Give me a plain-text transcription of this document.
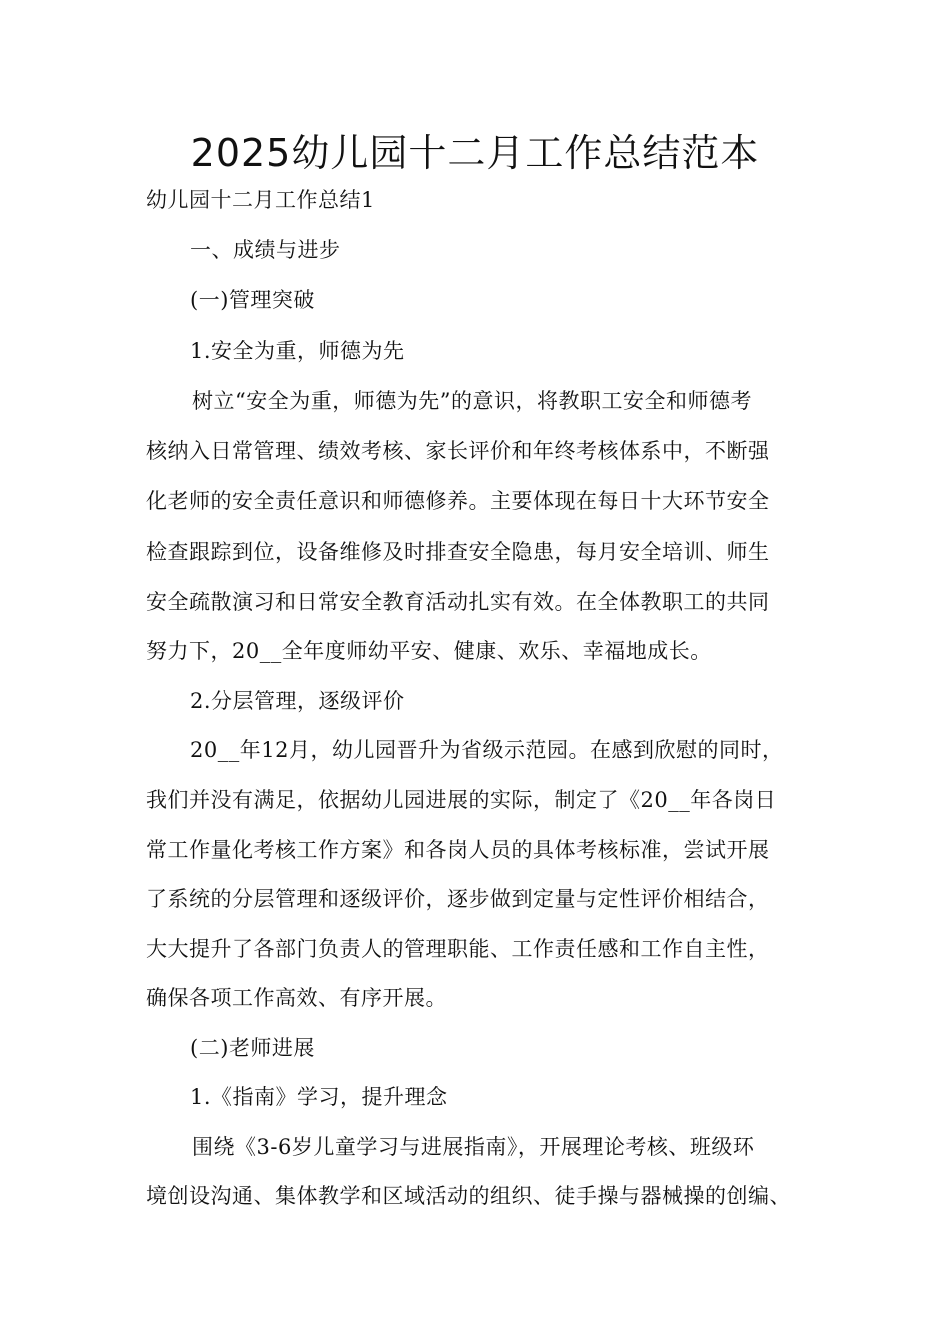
2025幼儿园十二月工作总结范本
幼儿园十二月工作总结1
一、成绩与进步
(一)管理突破
1.安全为重，师德为先
树立“安全为重，师德为先”的意识，将教职工安全和师德考
核纳入日常管理、绩效考核、家长评价和年终考核体系中，不断强
化老师的安全责任意识和师德修养。主要体现在每日十大环节安全
检查跟踪到位，设备维修及时排查安全隐患，每月安全培训、师生
安全疏散演习和日常安全教育活动扎实有效。在全体教职工的共同
努力下，20__全年度师幼平安、健康、欢乐、幸福地成长。
2.分层管理，逐级评价
20__年12月，幼儿园晋升为省级示范园。在感到欣慰的同时，
我们并没有满足，依据幼儿园进展的实际，制定了《20__年各岗日
常工作量化考核工作方案》和各岗人员的具体考核标准，尝试开展
了系统的分层管理和逐级评价，逐步做到定量与定性评价相结合，
大大提升了各部门负责人的管理职能、工作责任感和工作自主性，
确保各项工作高效、有序开展。
(二)老师进展
1.《指南》学习，提升理念
围绕《3-6岁儿童学习与进展指南》，开展理论考核、班级环
境创设沟通、集体教学和区域活动的组织、徒手操与器械操的创编、
